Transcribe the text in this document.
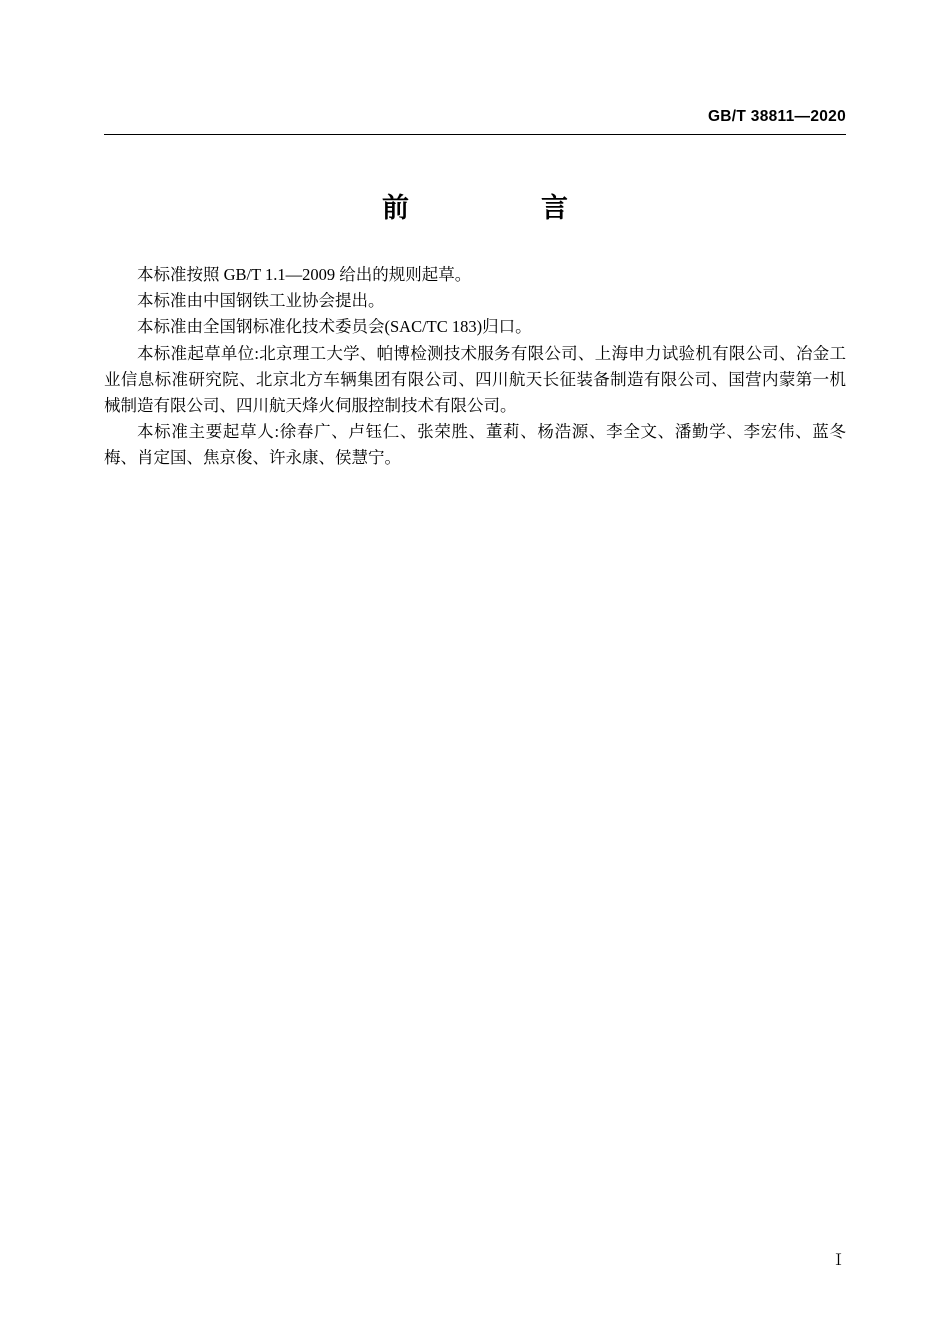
GB/T 38811—2020
前　　言

本标准按照 GB/T 1.1—2009 给出的规则起草。

本标准由中国钢铁工业协会提出。

本标准由全国钢标准化技术委员会(SAC/TC 183)归口。

本标准起草单位:北京理工大学、帕博检测技术服务有限公司、上海申力试验机有限公司、冶金工业信息标准研究院、北京北方车辆集团有限公司、四川航天长征装备制造有限公司、国营内蒙第一机械制造有限公司、四川航天烽火伺服控制技术有限公司。

本标准主要起草人:徐春广、卢钰仁、张荣胜、董莉、杨浩源、李全文、潘勤学、李宏伟、蓝冬梅、肖定国、焦京俊、许永康、侯慧宁。

Ⅰ
